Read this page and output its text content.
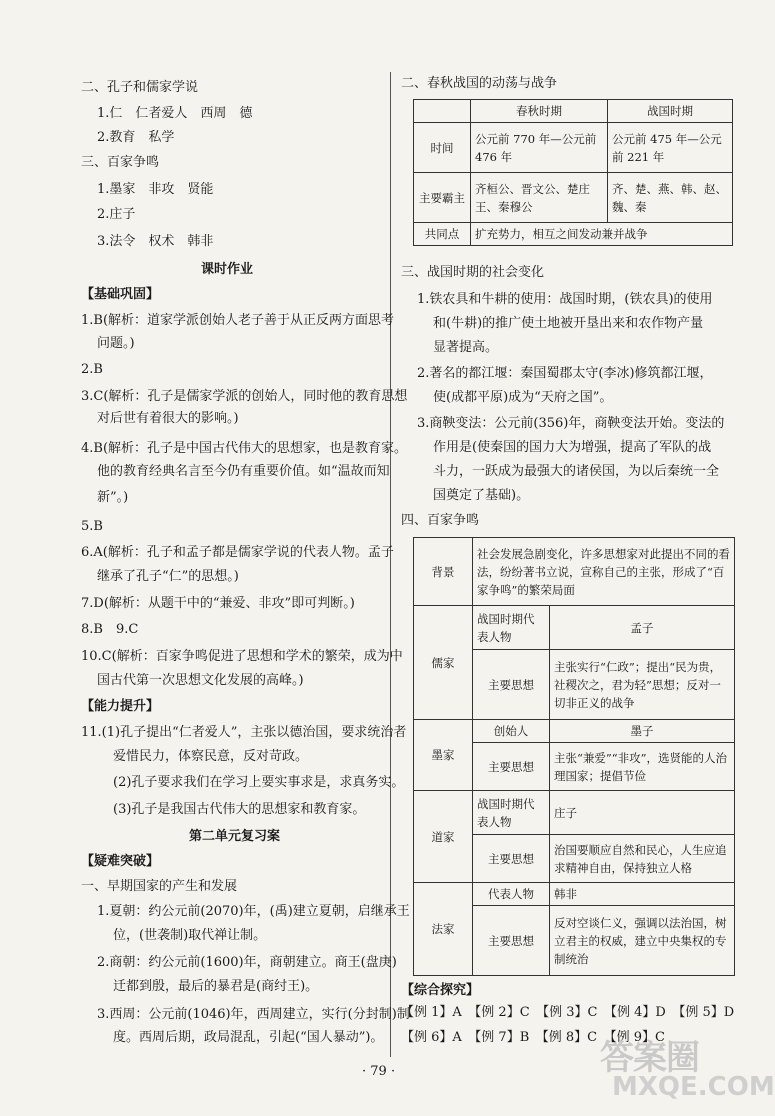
二、孔子和儒家学说
1.仁　仁者爱人　西周　德
2.教育　私学
三、百家争鸣
1.墨家　非攻　贤能
2.庄子
3.法令　权术　韩非
课时作业
【基础巩固】
1.B(解析：道家学派创始人老子善于从正反两方面思考
问题。)
2.B
3.C(解析：孔子是儒家学派的创始人，同时他的教育思想
对后世有着很大的影响。)
4.B(解析：孔子是中国古代伟大的思想家，也是教育家。
他的教育经典名言至今仍有重要价值。如“温故而知
新”。)
5.B
6.A(解析：孔子和孟子都是儒家学说的代表人物。孟子
继承了孔子“仁”的思想。)
7.D(解析：从题干中的“兼爱、非攻”即可判断。)
8.B　9.C
10.C(解析：百家争鸣促进了思想和学术的繁荣，成为中
国古代第一次思想文化发展的高峰。)
【能力提升】
11.(1)孔子提出“仁者爱人”，主张以德治国，要求统治者
爱惜民力，体察民意，反对苛政。
(2)孔子要求我们在学习上要实事求是，求真务实。
(3)孔子是我国古代伟大的思想家和教育家。
第二单元复习案
【疑难突破】
一、早期国家的产生和发展
1.夏朝：约公元前(2070)年，(禹)建立夏朝，启继承王
位，(世袭制)取代禅让制。
2.商朝：约公元前(1600)年，商朝建立。商王(盘庚)
迁都到殷，最后的暴君是(商纣王)。
3.西周：公元前(1046)年，西周建立，实行(分封制)制
度。西周后期，政局混乱，引起(“国人暴动”)。
二、春秋战国的动荡与战争
	春秋时期	战国时期
时间	公元前 770 年—公元前 476 年	公元前 475 年—公元前 221 年
主要霸主	齐桓公、晋文公、楚庄王、秦穆公	齐、楚、燕、韩、赵、魏、秦
共同点	扩充势力，相互之间发动兼并战争	
三、战国时期的社会变化
1.铁农具和牛耕的使用：战国时期，(铁农具)的使用
和(牛耕)的推广使土地被开垦出来和农作物产量
显著提高。
2.著名的都江堰：秦国蜀郡太守(李冰)修筑都江堰，
使(成都平原)成为“天府之国”。
3.商鞅变法：公元前(356)年，商鞅变法开始。变法的
作用是(使秦国的国力大为增强，提高了军队的战
斗力，一跃成为最强大的诸侯国，为以后秦统一全
国奠定了基础)。
四、百家争鸣
背景	社会发展急剧变化，许多思想家对此提出不同的看法，纷纷著书立说，宣称自己的主张，形成了“百家争鸣”的繁荣局面	
儒家	战国时期代表人物	孟子
	主要思想	主张实行“仁政”；提出“民为贵，社稷次之，君为轻”思想；反对一切非正义的战争
墨家	创始人	墨子
	主要思想	主张“兼爱”“非攻”，选贤能的人治理国家；提倡节俭
道家	战国时期代表人物	庄子
	主要思想	治国要顺应自然和民心，人生应追求精神自由，保持独立人格
法家	代表人物	韩非
	主要思想	反对空谈仁义，强调以法治国，树立君主的权威，建立中央集权的专制统治
【综合探究】
【例 1】A　【例 2】C　【例 3】C　【例 4】D　【例 5】D
【例 6】A　【例 7】B　【例 8】C　【例 9】C
· 79 ·	答案圈
MXQE.COM
